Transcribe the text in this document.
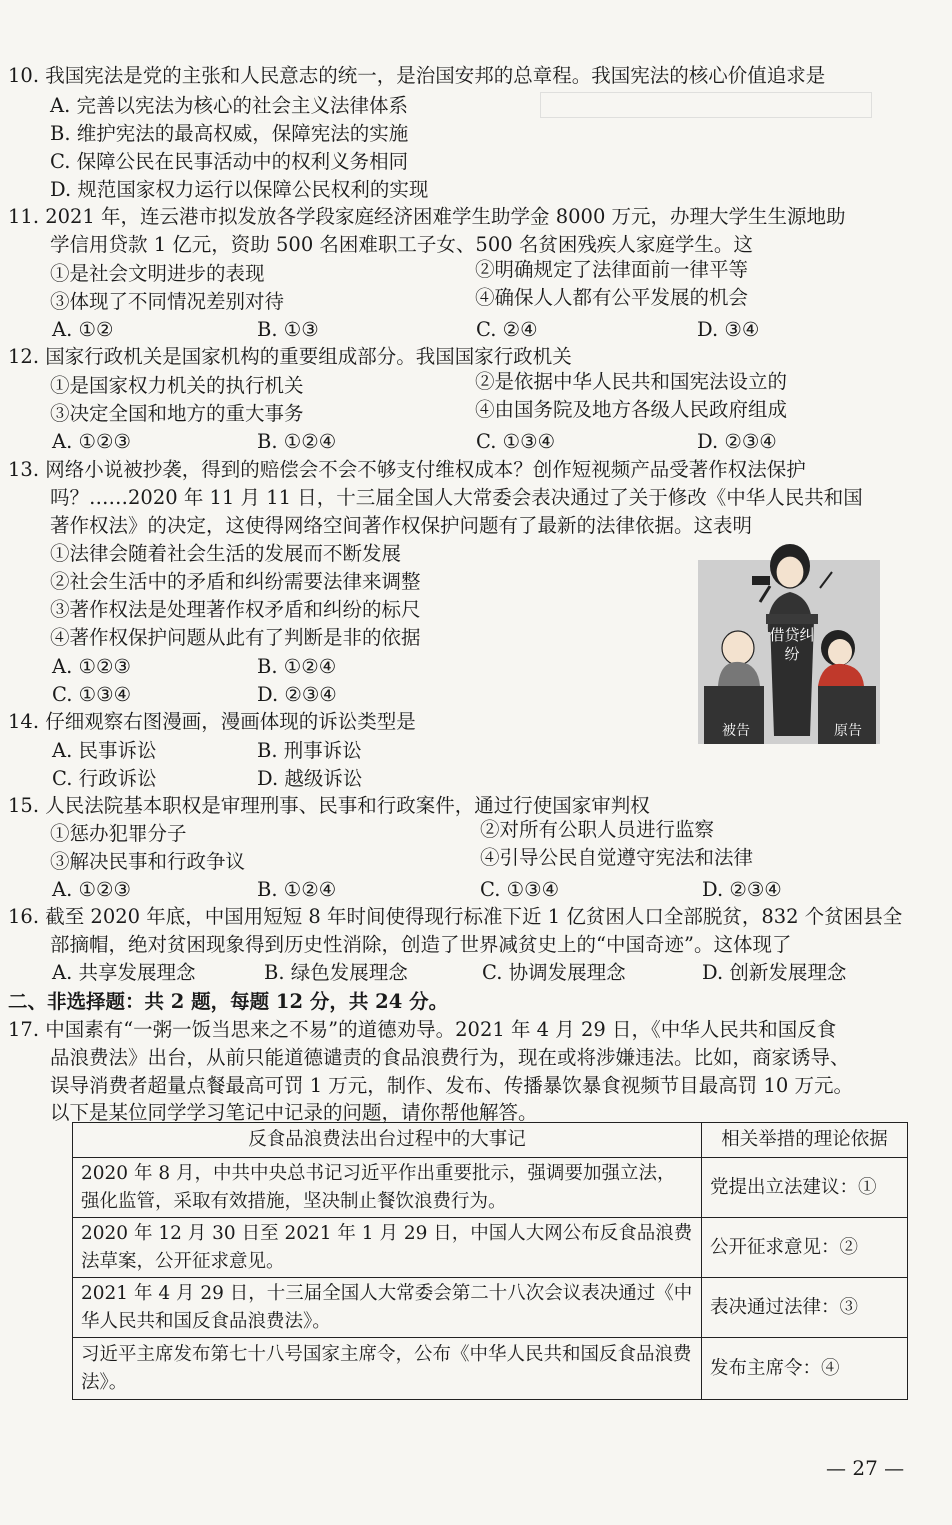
10. 我国宪法是党的主张和人民意志的统一，是治国安邦的总章程。我国宪法的核心价值追求是
A. 完善以宪法为核心的社会主义法律体系
B. 维护宪法的最高权威，保障宪法的实施
C. 保障公民在民事活动中的权利义务相同
D. 规范国家权力运行以保障公民权利的实现
11. 2021 年，连云港市拟发放各学段家庭经济困难学生助学金 8000 万元，办理大学生生源地助
学信用贷款 1 亿元，资助 500 名困难职工子女、500 名贫困残疾人家庭学生。这
①是社会文明进步的表现	②明确规定了法律面前一律平等
③体现了不同情况差别对待	④确保人人都有公平发展的机会
A. ①②	B. ①③	C. ②④	D. ③④
12. 国家行政机关是国家机构的重要组成部分。我国国家行政机关
①是国家权力机关的执行机关	②是依据中华人民共和国宪法设立的
③决定全国和地方的重大事务	④由国务院及地方各级人民政府组成
A. ①②③	B. ①②④	C. ①③④	D. ②③④
13. 网络小说被抄袭，得到的赔偿会不会不够支付维权成本？创作短视频产品受著作权法保护
吗？……2020 年 11 月 11 日，十三届全国人大常委会表决通过了关于修改《中华人民共和国
著作权法》的决定，这使得网络空间著作权保护问题有了最新的法律依据。这表明
①法律会随着社会生活的发展而不断发展
②社会生活中的矛盾和纠纷需要法律来调整
③著作权法是处理著作权矛盾和纠纷的标尺
④著作权保护问题从此有了判断是非的依据
A. ①②③	B. ①②④
C. ①③④	D. ②③④
借贷纠纷
被告	原告
14. 仔细观察右图漫画，漫画体现的诉讼类型是
A. 民事诉讼	B. 刑事诉讼
C. 行政诉讼	D. 越级诉讼
15. 人民法院基本职权是审理刑事、民事和行政案件，通过行使国家审判权
①惩办犯罪分子	②对所有公职人员进行监察
③解决民事和行政争议	④引导公民自觉遵守宪法和法律
A. ①②③	B. ①②④	C. ①③④	D. ②③④
16. 截至 2020 年底，中国用短短 8 年时间使得现行标准下近 1 亿贫困人口全部脱贫，832 个贫困县全
部摘帽，绝对贫困现象得到历史性消除，创造了世界减贫史上的“中国奇迹”。这体现了
A. 共享发展理念	B. 绿色发展理念	C. 协调发展理念	D. 创新发展理念
二、非选择题：共 2 题，每题 12 分，共 24 分。
17. 中国素有“一粥一饭当思来之不易”的道德劝导。2021 年 4 月 29 日，《中华人民共和国反食
品浪费法》出台，从前只能道德谴责的食品浪费行为，现在或将涉嫌违法。比如，商家诱导、
误导消费者超量点餐最高可罚 1 万元，制作、发布、传播暴饮暴食视频节目最高罚 10 万元。
以下是某位同学学习笔记中记录的问题，请你帮他解答。
反食品浪费法出台过程中的大事记	相关举措的理论依据
2020 年 8 月，中共中央总书记习近平作出重要批示，强调要加强立法，强化监管，采取有效措施，坚决制止餐饮浪费行为。	党提出立法建议：①
2020 年 12 月 30 日至 2021 年 1 月 29 日，中国人大网公布反食品浪费法草案，公开征求意见。	公开征求意见：②
2021 年 4 月 29 日，十三届全国人大常委会第二十八次会议表决通过《中华人民共和国反食品浪费法》。	表决通过法律：③
习近平主席发布第七十八号国家主席令，公布《中华人民共和国反食品浪费法》。	发布主席令：④
— 27 —
